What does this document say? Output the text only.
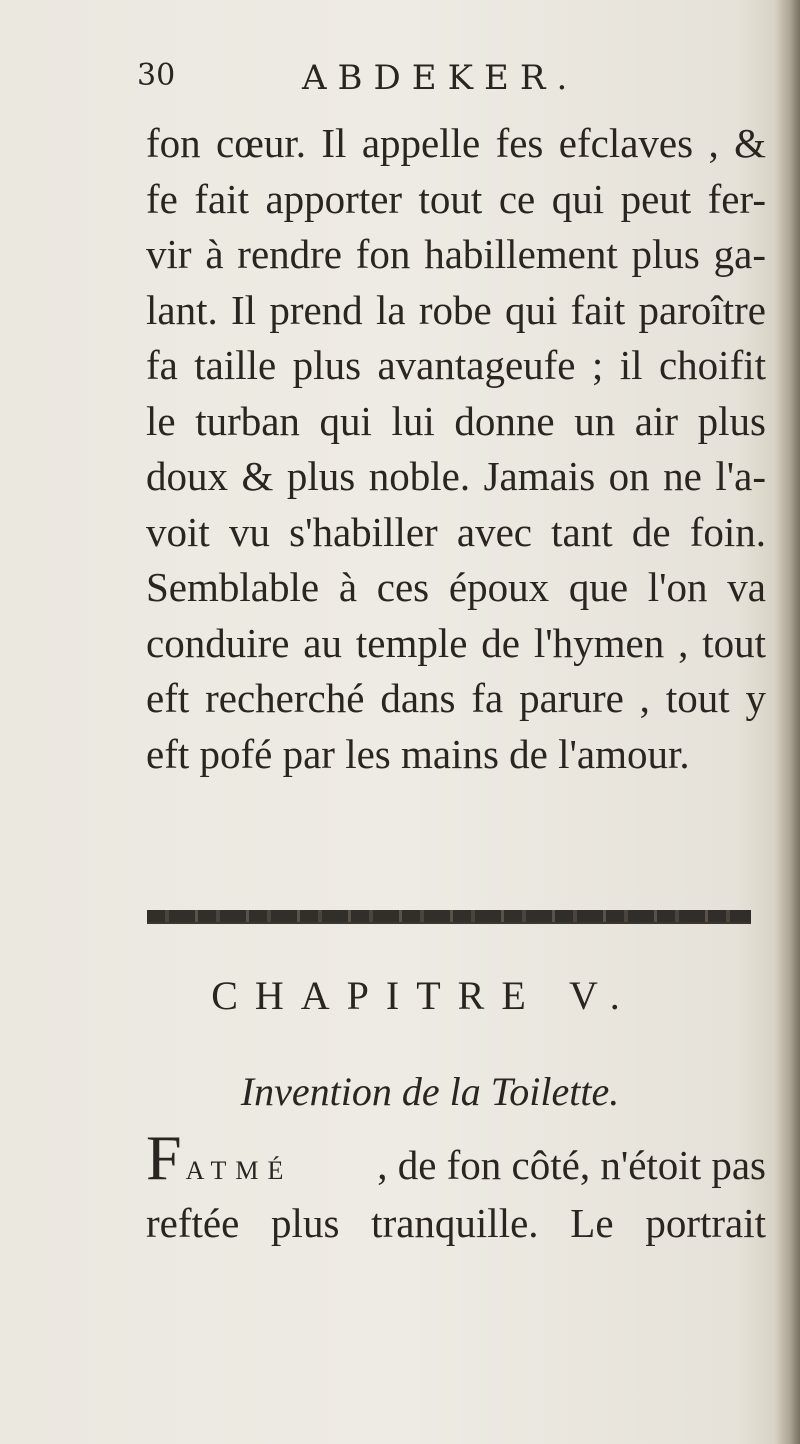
30	ABDEKER.
fon cœur. Il appelle fes efclaves , &
fe fait apporter tout ce qui peut fer-
vir à rendre fon habillement plus ga-
lant. Il prend la robe qui fait paroître
fa taille plus avantageufe ; il choifit
le turban qui lui donne un air plus
doux & plus noble. Jamais on ne l'a-
voit vu s'habiller avec tant de foin.
Semblable à ces époux que l'on va
conduire au temple de l'hymen , tout
eft recherché dans fa parure , tout y
eft pofé par les mains de l'amour.
CHAPITRE V.
Invention de la Toilette.
FATMÉ , de fon côté, n'étoit pas
reftée plus tranquille. Le portrait
